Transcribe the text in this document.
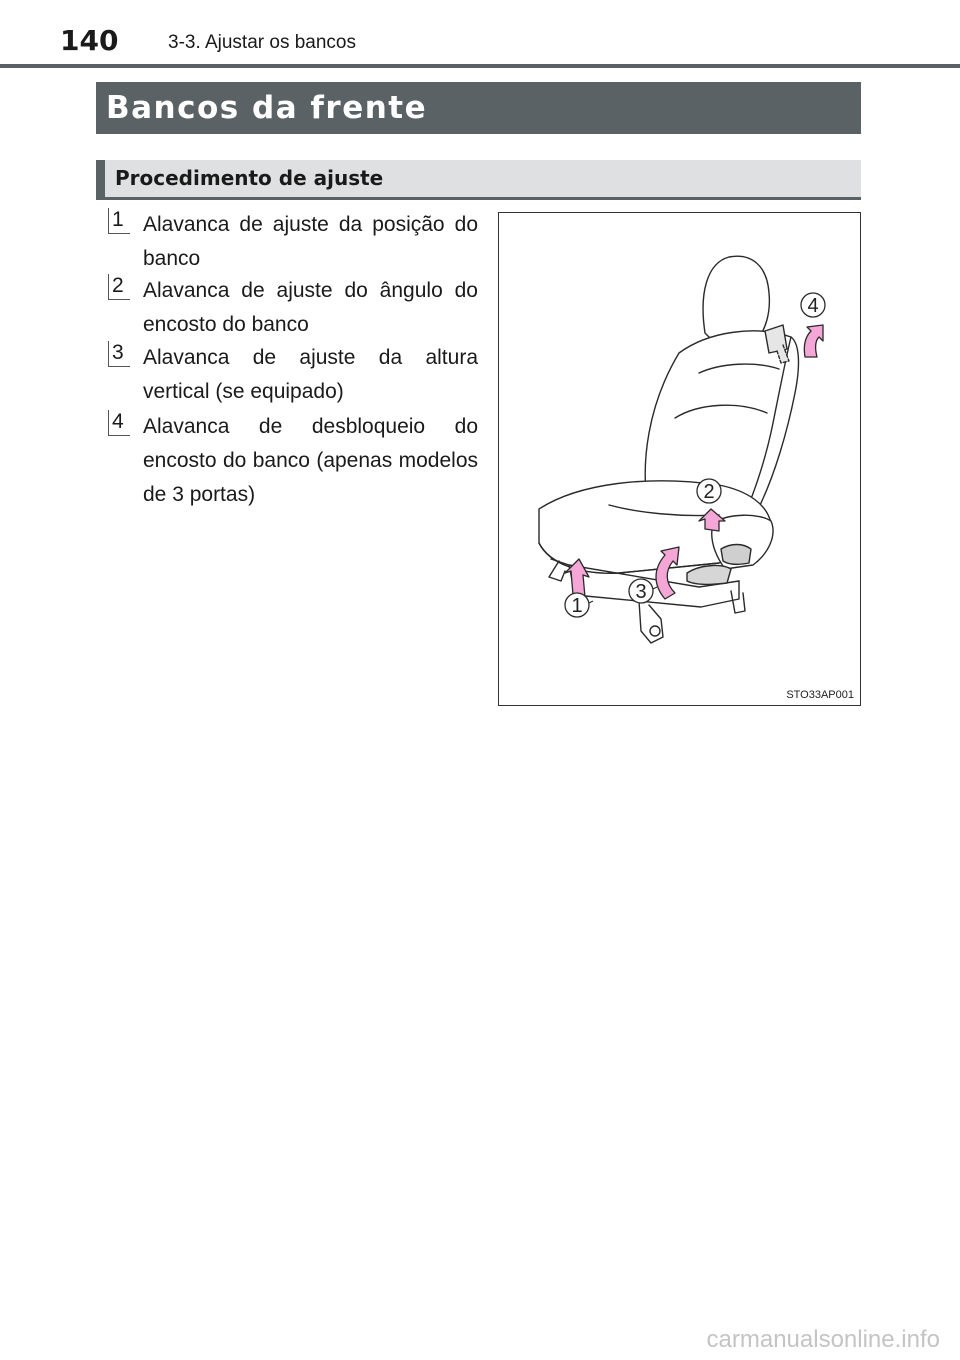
140	3-3. Ajustar os bancos
Bancos da frente
Procedimento de ajuste
1 Alavanca de ajuste da posição do banco
2 Alavanca de ajuste do ângulo do encosto do banco
3 Alavanca de ajuste da altura vertical (se equipado)
4 Alavanca de desbloqueio do encosto do banco (apenas modelos de 3 portas)
1
2
3
4
STO33AP001
carmanualsonline.info
